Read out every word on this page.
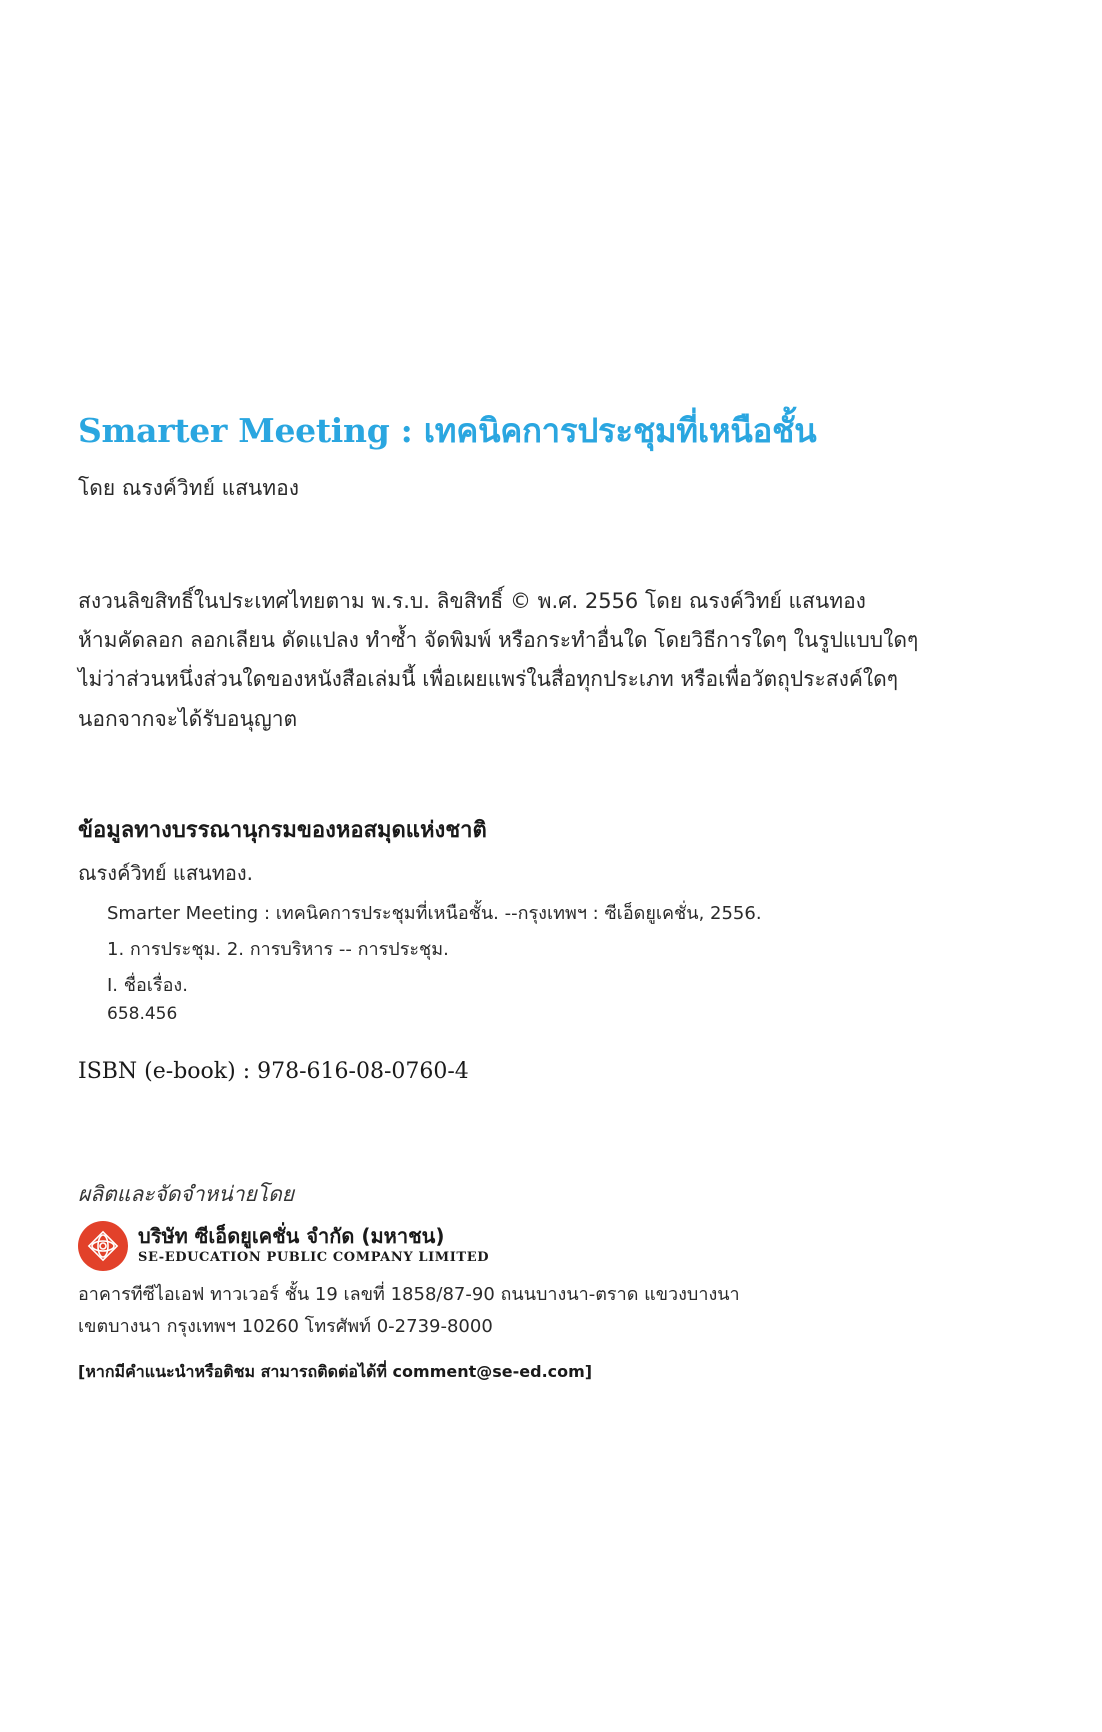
Smarter Meeting : เทคนิคการประชุมที่เหนือชั้น
โดย ณรงค์วิทย์ แสนทอง
สงวนลิขสิทธิ์ในประเทศไทยตาม พ.ร.บ. ลิขสิทธิ์ © พ.ศ. 2556 โดย ณรงค์วิทย์ แสนทอง
ห้ามคัดลอก ลอกเลียน ดัดแปลง ทำซ้ำ จัดพิมพ์ หรือกระทำอื่นใด โดยวิธีการใดๆ ในรูปแบบใดๆ
ไม่ว่าส่วนหนึ่งส่วนใดของหนังสือเล่มนี้ เพื่อเผยแพร่ในสื่อทุกประเภท หรือเพื่อวัตถุประสงค์ใดๆ
นอกจากจะได้รับอนุญาต
ข้อมูลทางบรรณานุกรมของหอสมุดแห่งชาติ
ณรงค์วิทย์ แสนทอง.
Smarter Meeting : เทคนิคการประชุมที่เหนือชั้น. --กรุงเทพฯ : ซีเอ็ดยูเคชั่น, 2556.
1. การประชุม. 2. การบริหาร -- การประชุม.
I. ชื่อเรื่อง.
658.456
ISBN (e-book) : 978-616-08-0760-4
ผลิตและจัดจำหน่ายโดย
บริษัท ซีเอ็ดยูเคชั่น จำกัด (มหาชน)
SE-EDUCATION PUBLIC COMPANY LIMITED
อาคารทีซีไอเอฟ ทาวเวอร์ ชั้น 19 เลขที่ 1858/87-90 ถนนบางนา-ตราด แขวงบางนา
เขตบางนา กรุงเทพฯ 10260 โทรศัพท์ 0-2739-8000
[หากมีคำแนะนำหรือติชม สามารถติดต่อได้ที่ comment@se-ed.com]
